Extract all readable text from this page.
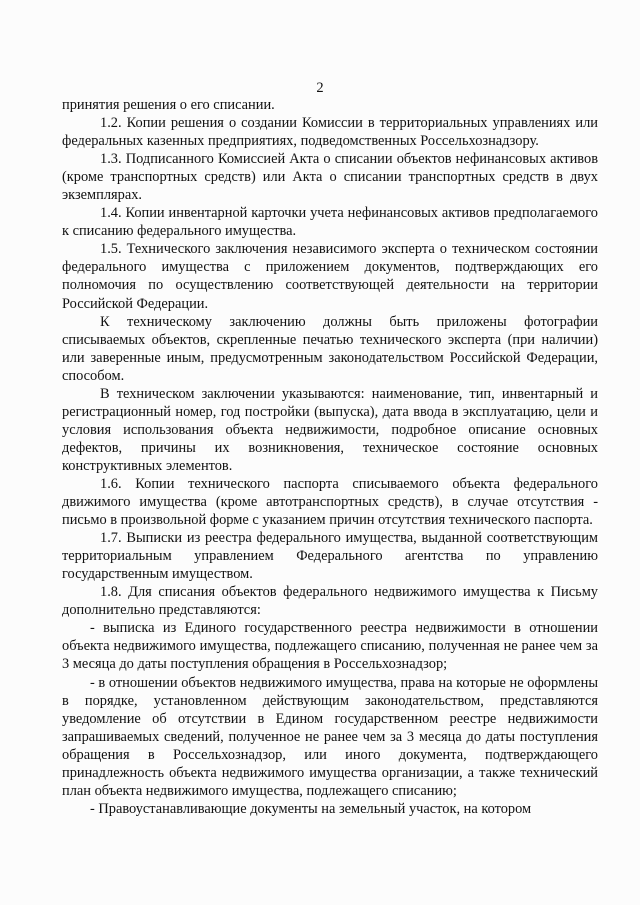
2

принятия решения о его списании.

1.2. Копии решения о создании Комиссии в территориальных управлениях или федеральных казенных предприятиях, подведомственных Россельхознадзору.

1.3. Подписанного Комиссией Акта о списании объектов нефинансовых активов (кроме транспортных средств) или Акта о списании транспортных средств в двух экземплярах.

1.4. Копии инвентарной карточки учета нефинансовых активов предполагаемого к списанию федерального имущества.

1.5. Технического заключения независимого эксперта о техническом состоянии федерального имущества с приложением документов, подтверждающих его полномочия по осуществлению соответствующей деятельности на территории Российской Федерации.

К техническому заключению должны быть приложены фотографии списываемых объектов, скрепленные печатью технического эксперта (при наличии) или заверенные иным, предусмотренным законодательством Российской Федерации, способом.

В техническом заключении указываются: наименование, тип, инвентарный и регистрационный номер, год постройки (выпуска), дата ввода в эксплуатацию, цели и условия использования объекта недвижимости, подробное описание основных дефектов, причины их возникновения, техническое состояние основных конструктивных элементов.

1.6. Копии технического паспорта списываемого объекта федерального движимого имущества (кроме автотранспортных средств), в случае отсутствия - письмо в произвольной форме с указанием причин отсутствия технического паспорта.

1.7. Выписки из реестра федерального имущества, выданной соответствующим территориальным управлением Федерального агентства по управлению государственным имуществом.

1.8. Для списания объектов федерального недвижимого имущества к Письму дополнительно представляются:

- выписка из Единого государственного реестра недвижимости в отношении объекта недвижимого имущества, подлежащего списанию, полученная не ранее чем за 3 месяца до даты поступления обращения в Россельхознадзор;

- в отношении объектов недвижимого имущества, права на которые не оформлены в порядке, установленном действующим законодательством, представляются уведомление об отсутствии в Едином государственном реестре недвижимости запрашиваемых сведений, полученное не ранее чем за 3 месяца до даты поступления обращения в Россельхознадзор, или иного документа, подтверждающего принадлежность объекта недвижимого имущества организации, а также технический план объекта недвижимого имущества, подлежащего списанию;

- Правоустанавливающие документы на земельный участок, на котором
